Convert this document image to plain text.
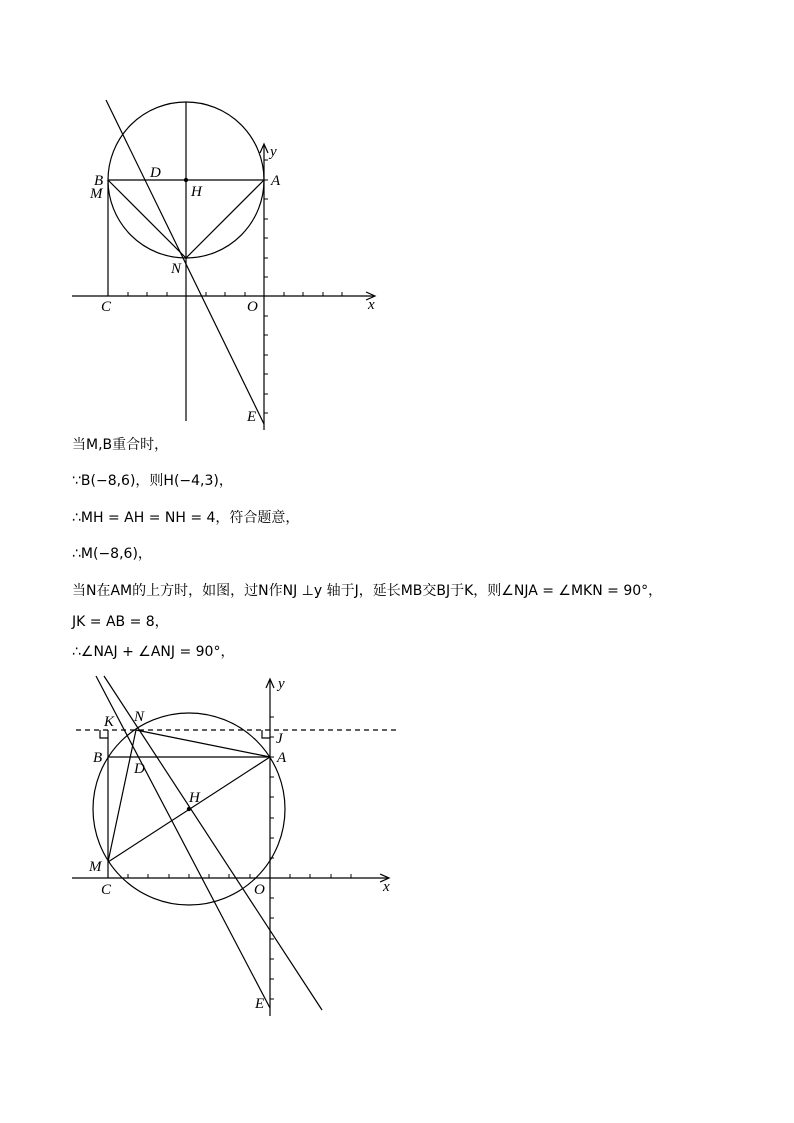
B
M
D
H
A
N
C	O
E
x
y
当M,B重合时，
∵B(−8,6)，则H(−4,3)，
∴MH = AH = NH = 4，符合题意，
∴M(−8,6)，
当N在AM的上方时，如图，过N作NJ ⊥y 轴于J，延长MB交BJ于K，则∠NJA = ∠MKN = 90°，
JK = AB = 8，
∴∠NAJ + ∠ANJ = 90°，
K N
B
D
H
M
C	O
A
J
E
x
y
